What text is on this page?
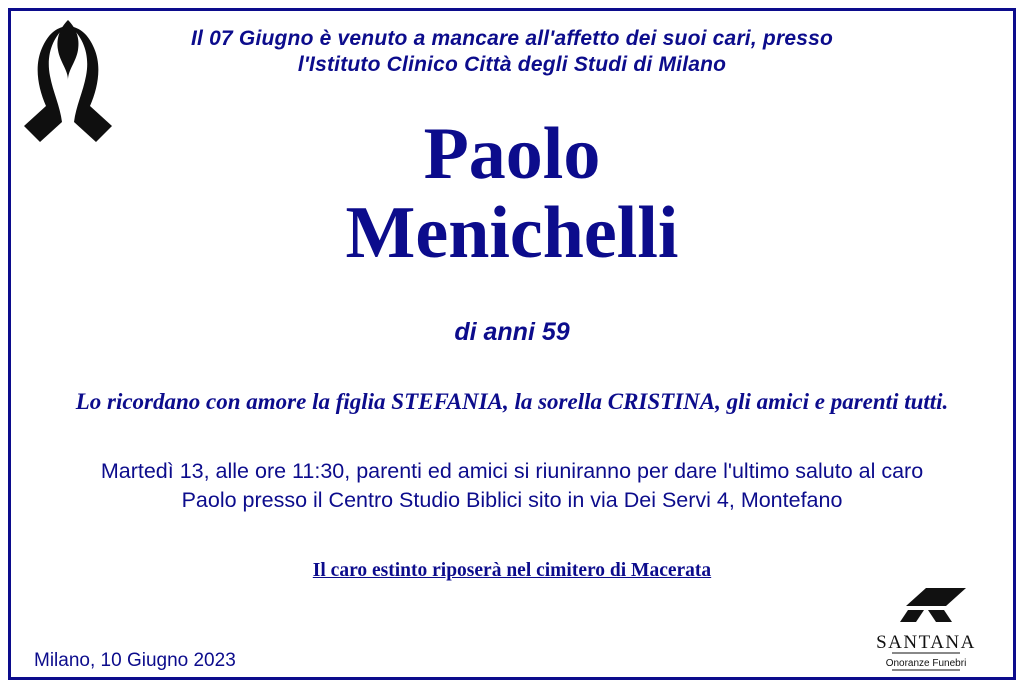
Il 07 Giugno è venuto a mancare all'affetto dei suoi cari, presso
l'Istituto Clinico Città degli Studi di Milano
Paolo
Menichelli
di anni 59
Lo ricordano con amore la figlia STEFANIA, la sorella CRISTINA, gli amici e parenti tutti.
Martedì 13, alle ore 11:30, parenti ed amici si riuniranno per dare l'ultimo saluto al caro
Paolo presso il Centro Studio Biblici sito in via Dei Servi 4, Montefano
Il caro estinto riposerà nel cimitero di Macerata
Milano, 10 Giugno 2023
SANTANA
Onoranze Funebri
